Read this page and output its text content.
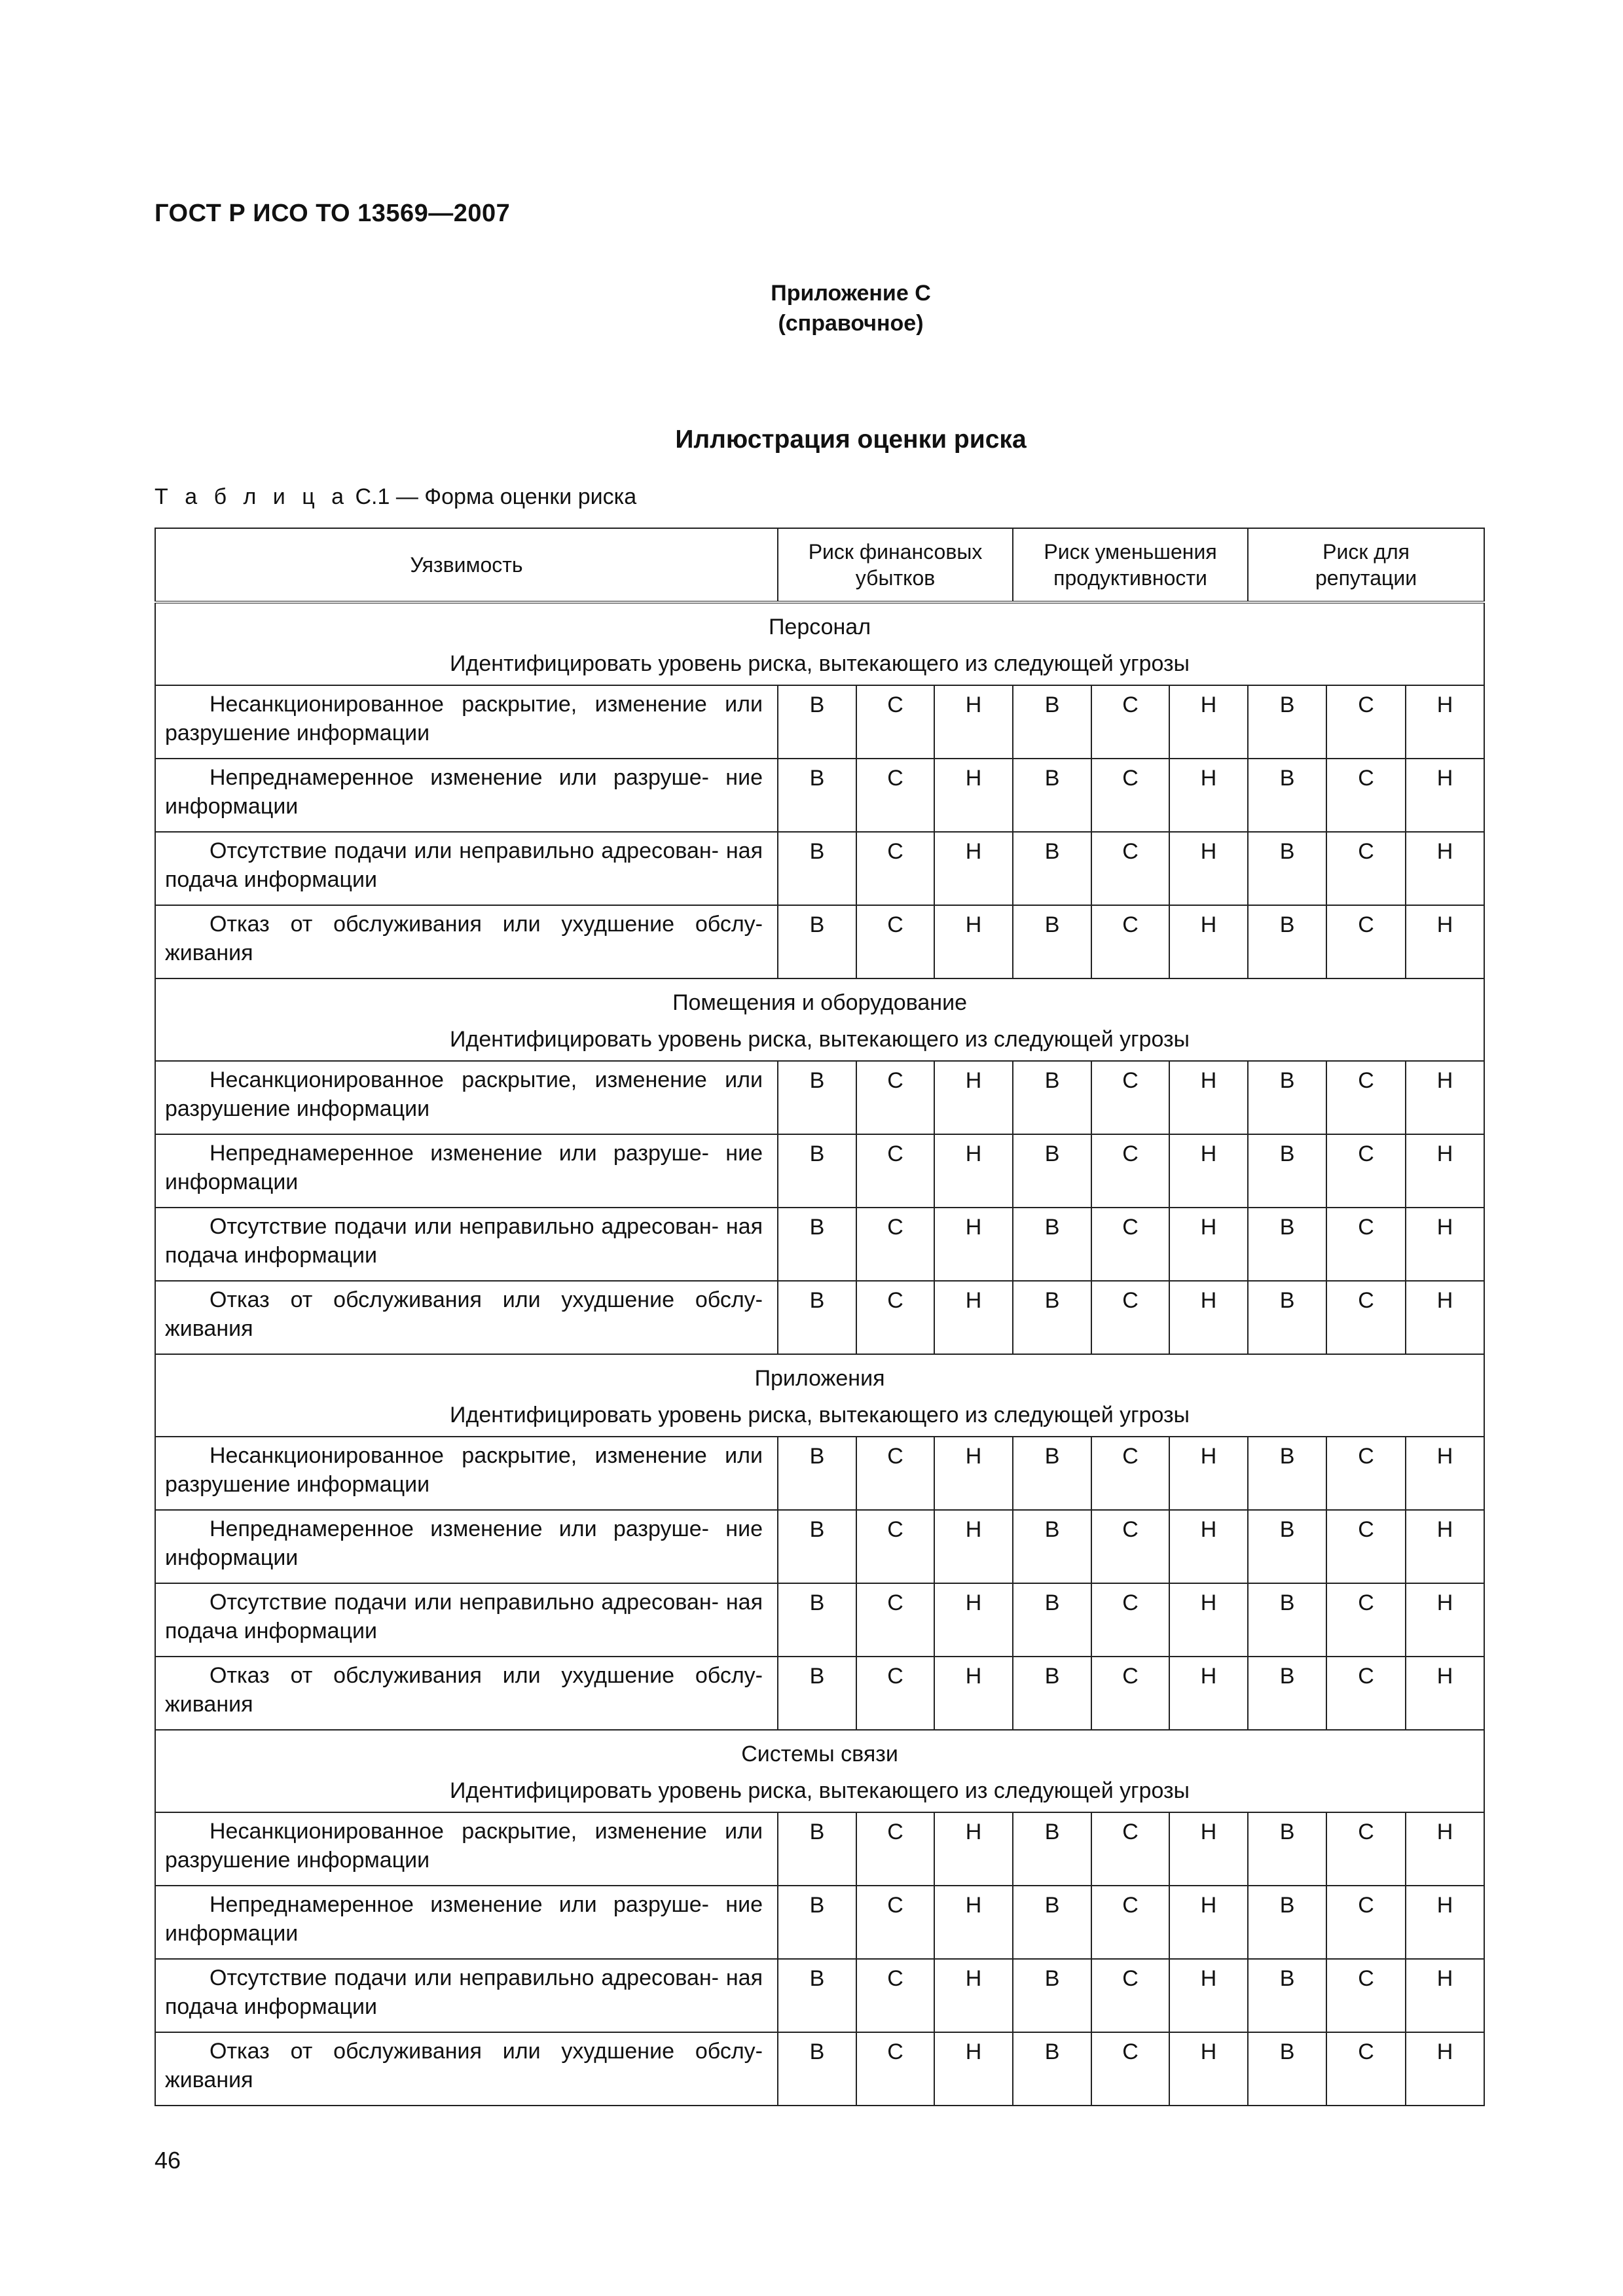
ГОСТ Р ИСО ТО 13569—2007
Приложение С
(справочное)
Иллюстрация оценки риска
Т а б л и ц а С.1 — Форма оценки риска
Уязвимость	Риск финансовых убытков			Риск уменьшения продуктивности			Риск для репутации		

Персонал
Идентифицировать уровень риска, вытекающего из следующей угрозы									

Несанкционированное раскрытие, изменение или разрушение информации	В	С	Н	В	С	Н	В	С	Н

Непреднамеренное изменение или разруше- ние информации	В	С	Н	В	С	Н	В	С	Н

Отсутствие подачи или неправильно адресован- ная подача информации	В	С	Н	В	С	Н	В	С	Н

Отказ от обслуживания или ухудшение обслу- живания	В	С	Н	В	С	Н	В	С	Н

Помещения и оборудование
Идентифицировать уровень риска, вытекающего из следующей угрозы									

Несанкционированное раскрытие, изменение или разрушение информации	В	С	Н	В	С	Н	В	С	Н

Непреднамеренное изменение или разруше- ние информации	В	С	Н	В	С	Н	В	С	Н

Отсутствие подачи или неправильно адресован- ная подача информации	В	С	Н	В	С	Н	В	С	Н

Отказ от обслуживания или ухудшение обслу- живания	В	С	Н	В	С	Н	В	С	Н

Приложения
Идентифицировать уровень риска, вытекающего из следующей угрозы									

Несанкционированное раскрытие, изменение или разрушение информации	В	С	Н	В	С	Н	В	С	Н

Непреднамеренное изменение или разруше- ние информации	В	С	Н	В	С	Н	В	С	Н

Отсутствие подачи или неправильно адресован- ная подача информации	В	С	Н	В	С	Н	В	С	Н

Отказ от обслуживания или ухудшение обслу- живания	В	С	Н	В	С	Н	В	С	Н

Системы связи
Идентифицировать уровень риска, вытекающего из следующей угрозы									

Несанкционированное раскрытие, изменение или разрушение информации	В	С	Н	В	С	Н	В	С	Н

Непреднамеренное изменение или разруше- ние информации	В	С	Н	В	С	Н	В	С	Н

Отсутствие подачи или неправильно адресован- ная подача информации	В	С	Н	В	С	Н	В	С	Н

Отказ от обслуживания или ухудшение обслу- живания	В	С	Н	В	С	Н	В	С	Н
46
